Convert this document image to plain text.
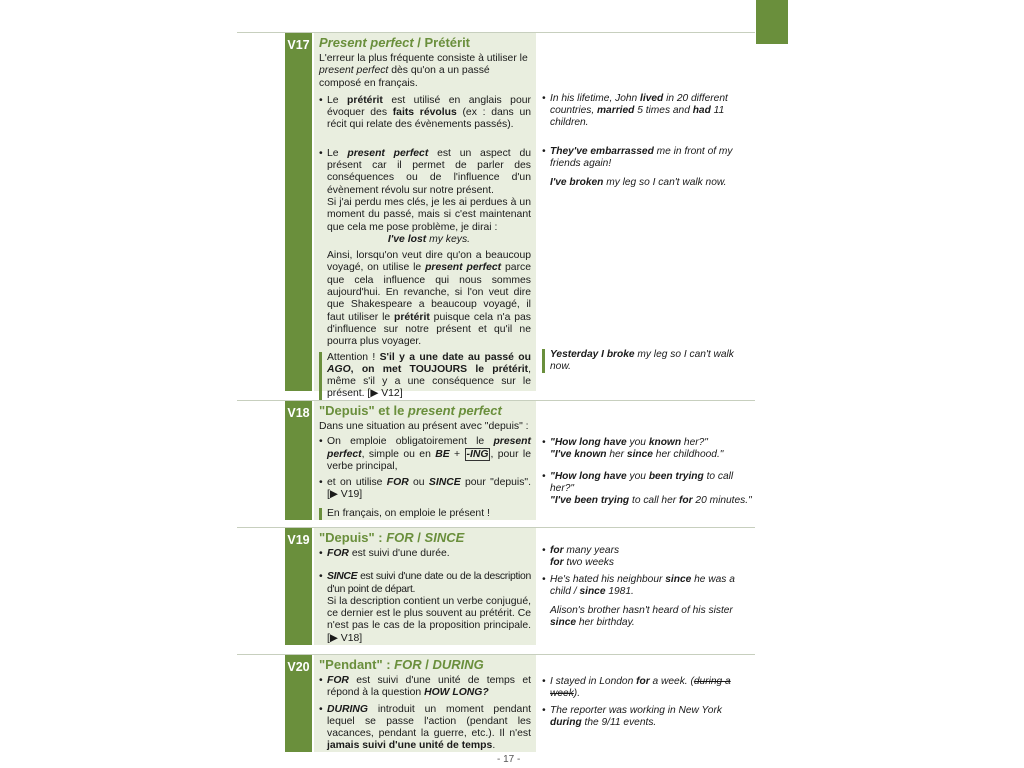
V17 Present perfect / Prétérit

L'erreur la plus fréquente consiste à utiliser le present perfect dès qu'on a un passé composé en français.

• Le prétérit est utilisé en anglais pour évoquer des faits révolus (ex : dans un récit qui relate des évènements passés).

• Le present perfect est un aspect du présent car il permet de parler des conséquences ou de l'influence d'un évènement révolu sur notre présent.

Si j'ai perdu mes clés, je les ai perdues à un moment du passé, mais si c'est maintenant que cela me pose problème, je dirai :

I've lost my keys.

Ainsi, lorsqu'on veut dire qu'on a beaucoup voyagé, on utilise le present perfect parce que cela influence qui nous sommes aujourd'hui. En revanche, si l'on veut dire que Shakespeare a beaucoup voyagé, il faut utiliser le prétérit puisque cela n'a pas d'influence sur notre présent et qu'il ne pourra plus voyager.

Attention ! S'il y a une date au passé ou AGO, on met TOUJOURS le prétérit, même s'il y a une conséquence sur le présent. [▶ V12]

• In his lifetime, John lived in 20 different countries, married 5 times and had 11 children.

• They've embarrassed me in front of my friends again!

I've broken my leg so I can't walk now.

Yesterday I broke my leg so I can't walk now.

V18 "Depuis" et le present perfect

Dans une situation au présent avec "depuis" :

• On emploie obligatoirement le present perfect, simple ou en BE + -ING , pour le verbe principal,

• et on utilise FOR ou SINCE pour "depuis". [▶ V19]

En français, on emploie le présent !

• "How long have you known her?"
"I've known her since her childhood."

• "How long have you been trying to call her?"
"I've been trying to call her for 20 minutes."

V19 "Depuis" : FOR / SINCE

• FOR est suivi d'une durée.

• SINCE est suivi d'une date ou de la description d'un point de départ.

Si la description contient un verbe conjugué, ce dernier est le plus souvent au prétérit. Ce n'est pas le cas de la proposition principale. [▶ V18]

• for many years
for two weeks

• He's hated his neighbour since he was a child / since 1981.

Alison's brother hasn't heard of his sister since her birthday.

V20 "Pendant" : FOR / DURING

• FOR est suivi d'une unité de temps et répond à la question HOW LONG?

• DURING introduit un moment pendant lequel se passe l'action (pendant les vacances, pendant la guerre, etc.). Il n'est jamais suivi d'une unité de temps.

• I stayed in London for a week. (during a week).

• The reporter was working in New York during the 9/11 events.

- 17 -
